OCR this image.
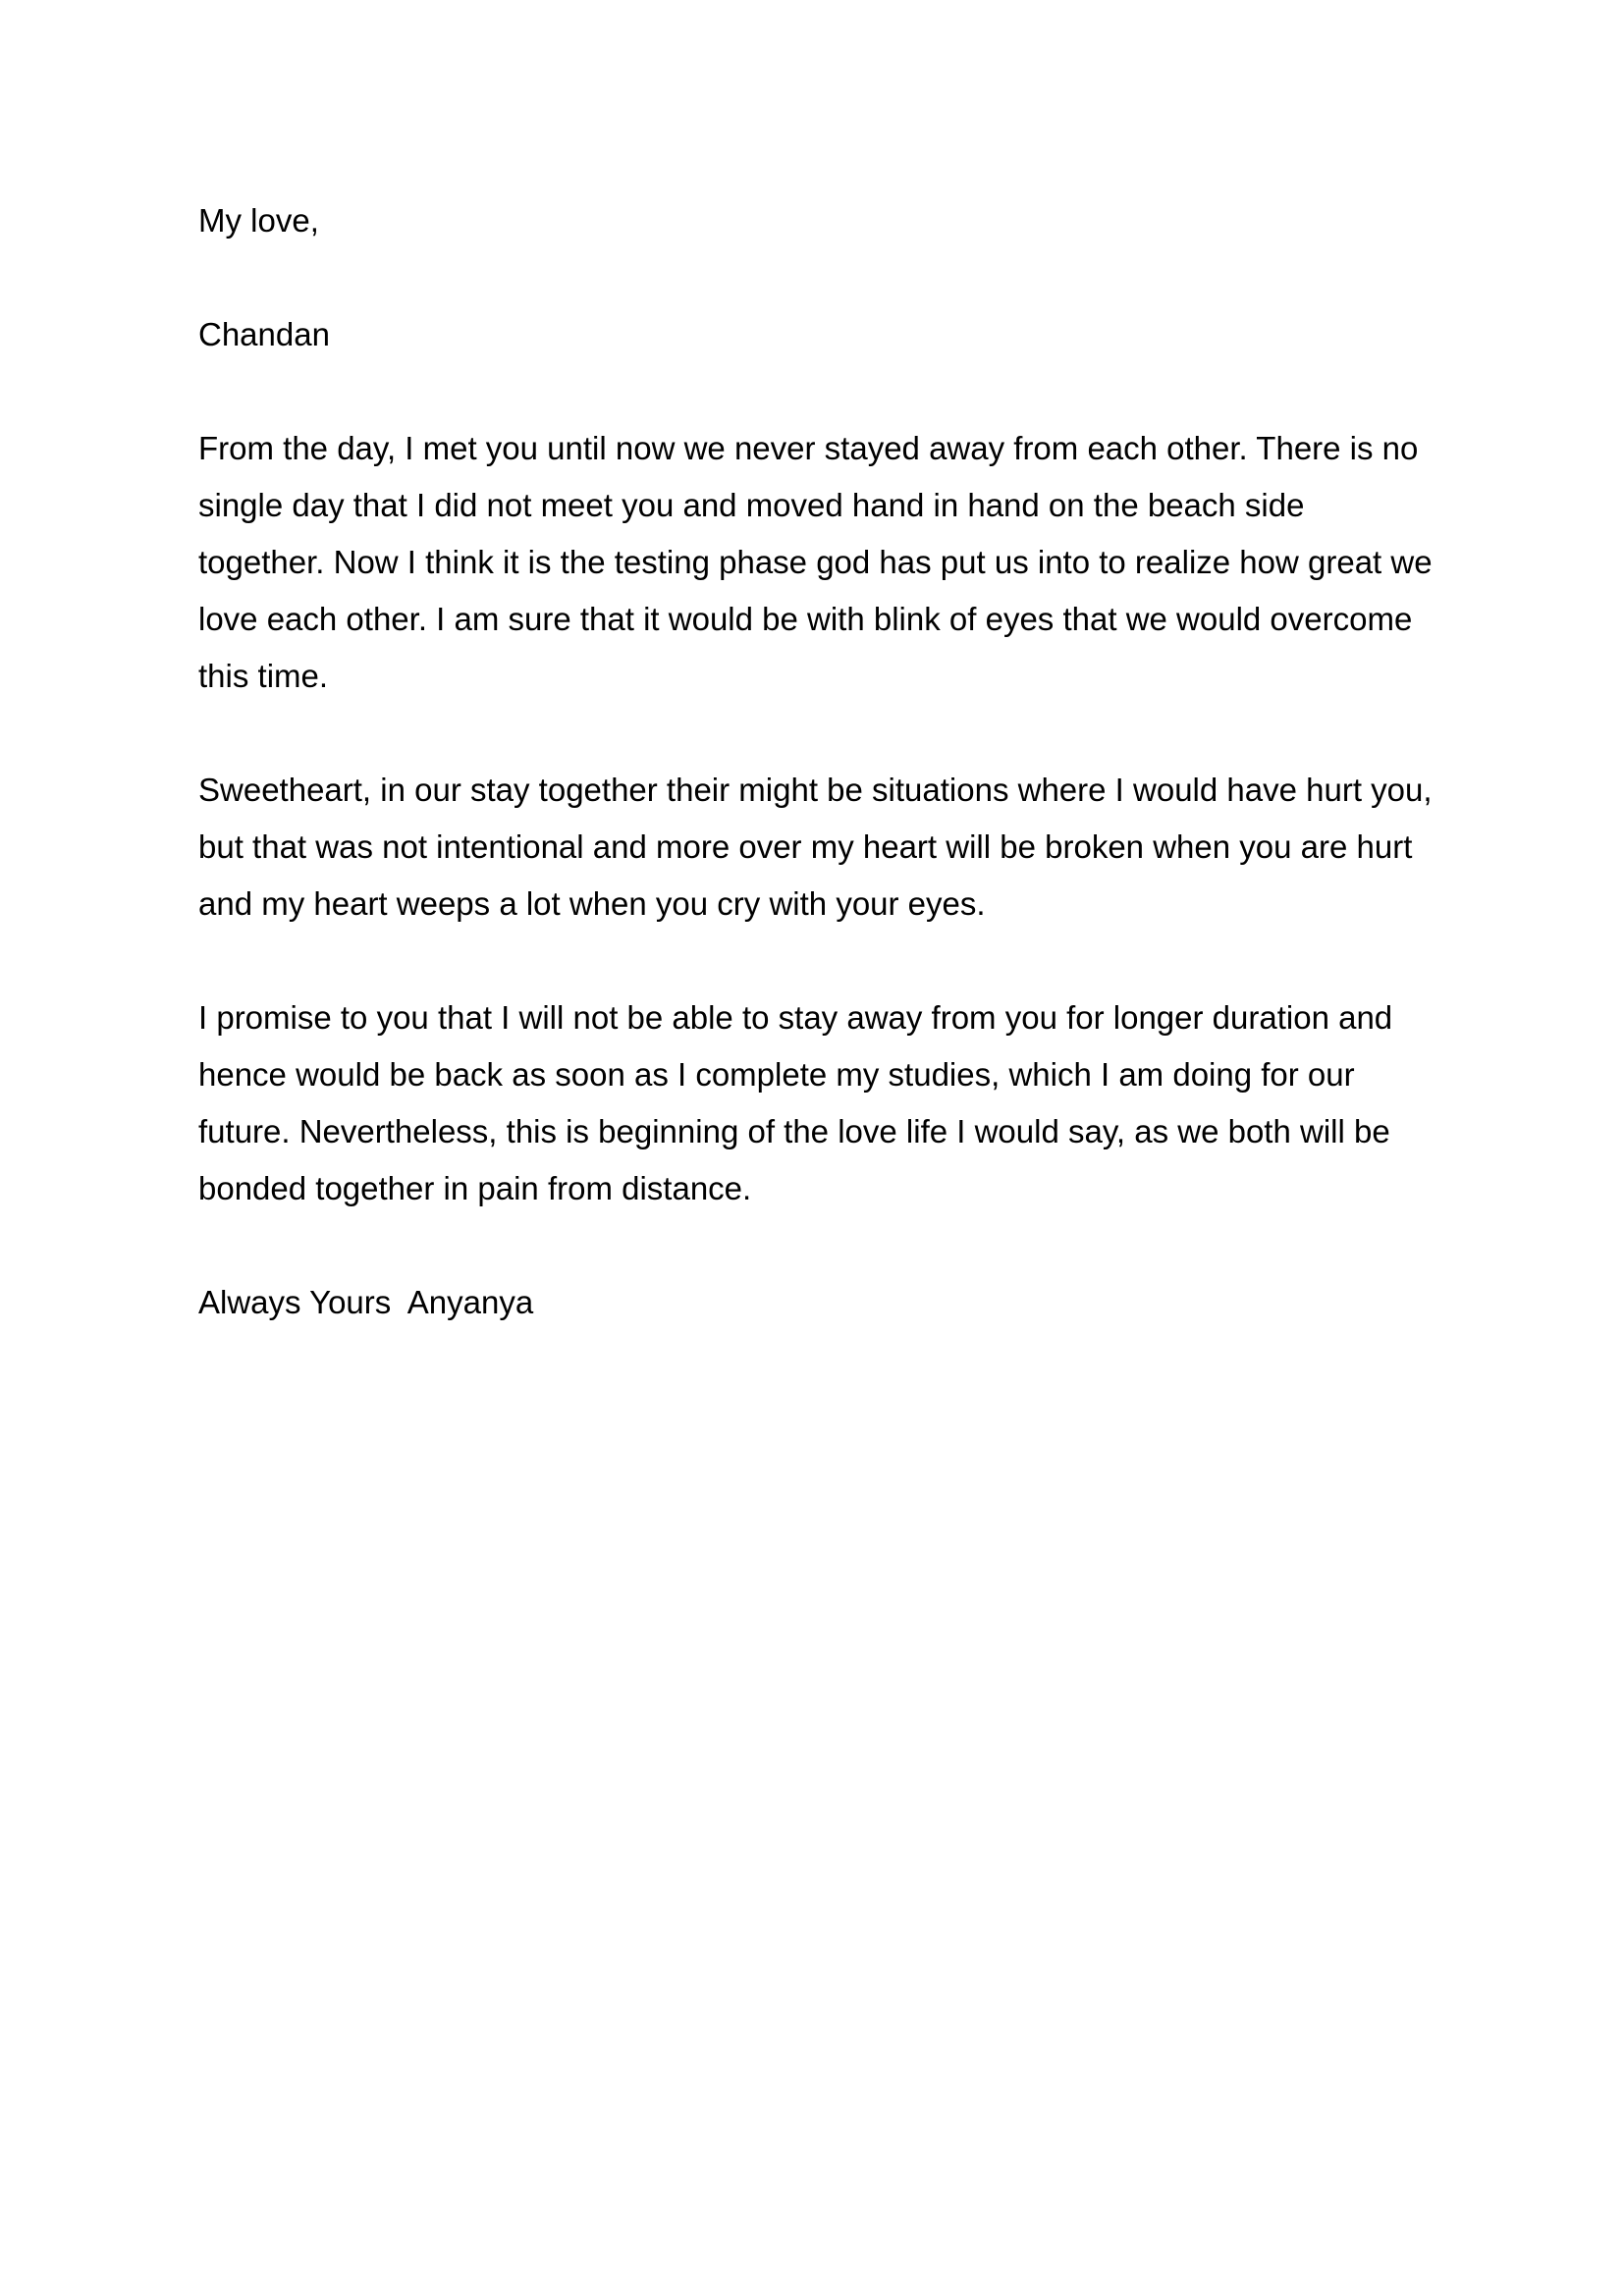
My love,

Chandan

From the day, I met you until now we never stayed away from each other. There is no single day that I did not meet you and moved hand in hand on the beach side together. Now I think it is the testing phase god has put us into to realize how great we love each other. I am sure that it would be with blink of eyes that we would overcome this time.

Sweetheart, in our stay together their might be situations where I would have hurt you, but that was not intentional and more over my heart will be broken when you are hurt and my heart weeps a lot when you cry with your eyes.

I promise to you that I will not be able to stay away from you for longer duration and hence would be back as soon as I complete my studies, which I am doing for our future. Nevertheless, this is beginning of the love life I would say, as we both will be bonded together in pain from distance.

Always Yours  Anyanya
